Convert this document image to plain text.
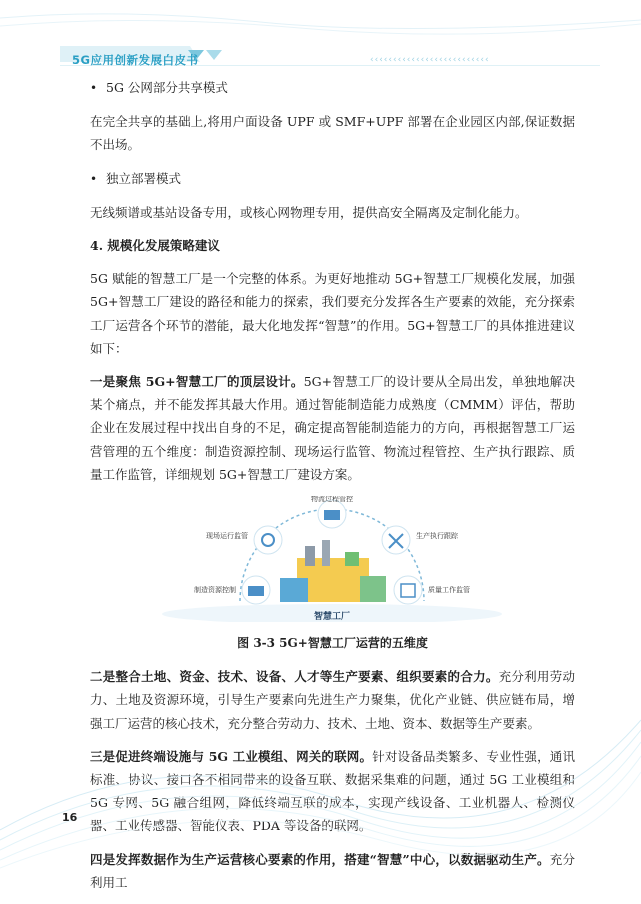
‹‹‹‹‹‹‹‹‹‹‹‹‹‹‹‹‹‹‹‹‹‹‹‹‹‹
5G应用创新发展白皮书
• 5G 公网部分共享模式

在完全共享的基础上,将用户面设备 UPF 或 SMF+UPF 部署在企业园区内部,保证数据不出场。

• 独立部署模式

无线频谱或基站设备专用，或核心网物理专用，提供高安全隔离及定制化能力。

4. 规模化发展策略建议

5G 赋能的智慧工厂是一个完整的体系。为更好地推动 5G+智慧工厂规模化发展，加强 5G+智慧工厂建设的路径和能力的探索，我们要充分发挥各生产要素的效能，充分探索工厂运营各个环节的潜能，最大化地发挥“智慧”的作用。5G+智慧工厂的具体推进建议如下：

一是聚焦 5G+智慧工厂的顶层设计。5G+智慧工厂的设计要从全局出发，单独地解决某个痛点，并不能发挥其最大作用。通过智能制造能力成熟度（CMMM）评估，帮助企业在发展过程中找出自身的不足，确定提高智能制造能力的方向，再根据智慧工厂运营管理的五个维度：制造资源控制、现场运行监管、物流过程管控、生产执行跟踪、质量工作监管，详细规划 5G+智慧工厂建设方案。

物流过程管控
生产执行跟踪
质量工作监管
制造资源控制
现场运行监管
智慧工厂
图 3-3 5G+智慧工厂运营的五维度

二是整合土地、资金、技术、设备、人才等生产要素、组织要素的合力。充分利用劳动力、土地及资源环境，引导生产要素向先进生产力聚集，优化产业链、供应链布局，增强工厂运营的核心技术，充分整合劳动力、技术、土地、资本、数据等生产要素。

三是促进终端设施与 5G 工业模组、网关的联网。针对设备品类繁多、专业性强，通讯标准、协议、接口各不相同带来的设备互联、数据采集难的问题，通过 5G 工业模组和 5G 专网、5G 融合组网，降低终端互联的成本，实现产线设备、工业机器人、检测仪器、工业传感器、智能仪表、PDA 等设备的联网。

四是发挥数据作为生产运营核心要素的作用，搭建“智慧”中心，以数据驱动生产。充分利用工

16
